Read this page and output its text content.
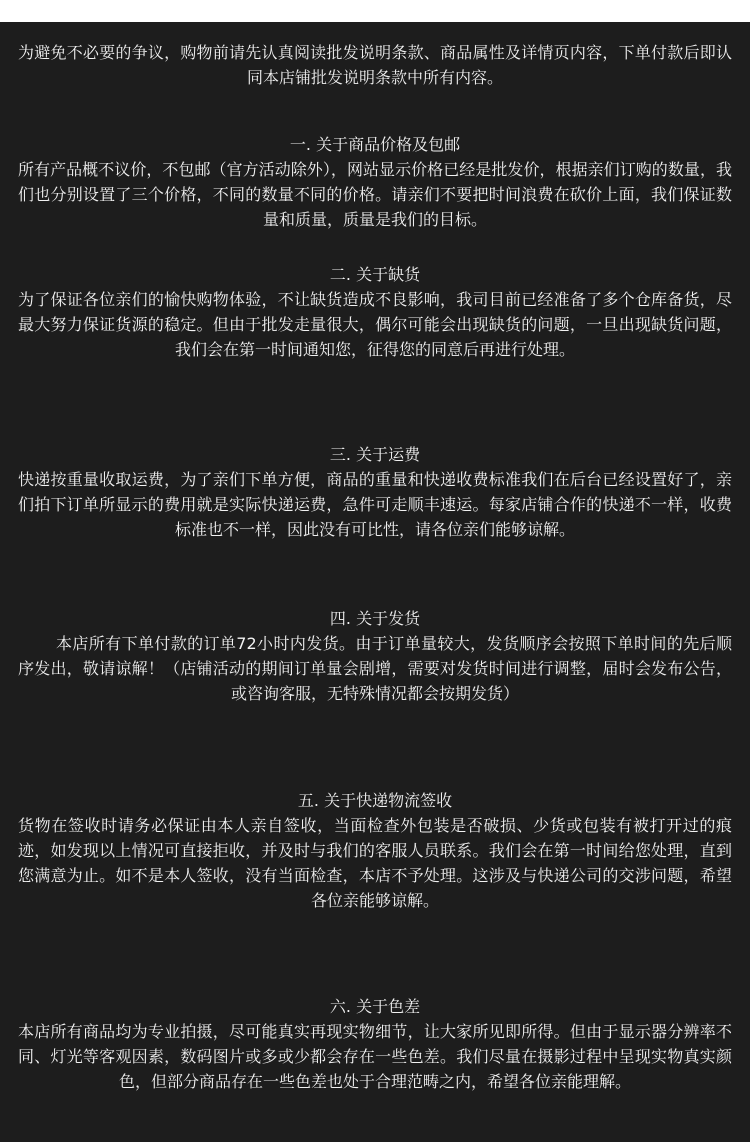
为避免不必要的争议，购物前请先认真阅读批发说明条款、商品属性及详情页内容，下单付款后即认同本店铺批发说明条款中所有内容。

一. 关于商品价格及包邮

所有产品概不议价，不包邮（官方活动除外），网站显示价格已经是批发价，根据亲们订购的数量，我们也分别设置了三个价格，不同的数量不同的价格。请亲们不要把时间浪费在砍价上面，我们保证数量和质量，质量是我们的目标。

二. 关于缺货

为了保证各位亲们的愉快购物体验，不让缺货造成不良影响，我司目前已经准备了多个仓库备货，尽最大努力保证货源的稳定。但由于批发走量很大，偶尔可能会出现缺货的问题，一旦出现缺货问题，我们会在第一时间通知您，征得您的同意后再进行处理。

三. 关于运费

快递按重量收取运费，为了亲们下单方便，商品的重量和快递收费标准我们在后台已经设置好了，亲们拍下订单所显示的费用就是实际快递运费，急件可走顺丰速运。每家店铺合作的快递不一样，收费标准也不一样，因此没有可比性，请各位亲们能够谅解。

四. 关于发货

本店所有下单付款的订单72小时内发货。由于订单量较大，发货顺序会按照下单时间的先后顺序发出，敬请谅解！（店铺活动的期间订单量会剧增，需要对发货时间进行调整，届时会发布公告，或咨询客服，无特殊情况都会按期发货）

五. 关于快递物流签收

货物在签收时请务必保证由本人亲自签收，当面检查外包装是否破损、少货或包装有被打开过的痕迹，如发现以上情况可直接拒收，并及时与我们的客服人员联系。我们会在第一时间给您处理，直到您满意为止。如不是本人签收，没有当面检查，本店不予处理。这涉及与快递公司的交涉问题，希望各位亲能够谅解。

六. 关于色差

本店所有商品均为专业拍摄，尽可能真实再现实物细节，让大家所见即所得。但由于显示器分辨率不同、灯光等客观因素，数码图片或多或少都会存在一些色差。我们尽量在摄影过程中呈现实物真实颜色，但部分商品存在一些色差也处于合理范畴之内，希望各位亲能理解。
